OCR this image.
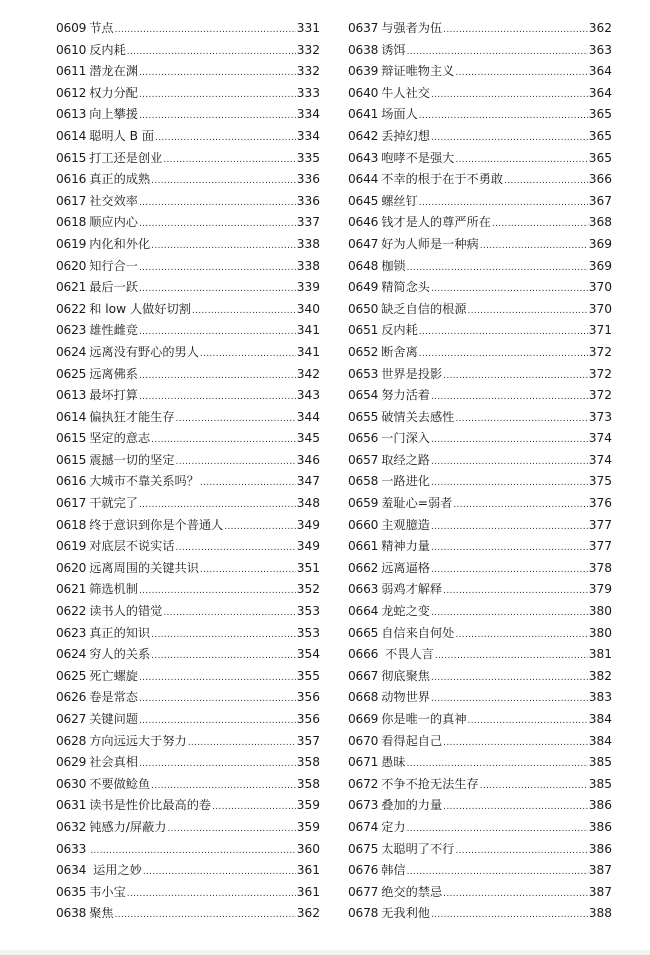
0609 节点 .....	331
0610 反内耗 .....	332
0611 潜龙在渊 .....	332
0612 权力分配 .....	333
0613 向上攀援 .....	334
0614 聪明人 B 面 .....	334
0615 打工还是创业 .....	335
0616 真正的成熟 .....	336
0617 社交效率 .....	336
0618 顺应内心 .....	337
0619 内化和外化 .....	338
0620 知行合一 .....	338
0621 最后一跃 .....	339
0622 和 low 人做好切割 .....	340
0623 雄性雌竞 .....	341
0624 远离没有野心的男人 .....	341
0625 远离佛系 .....	342
0613 最坏打算 .....	343
0614 偏执狂才能生存 .....	344
0615 坚定的意志 .....	345
0615 震撼一切的坚定 .....	346
0616 大城市不靠关系吗？ .....	347
0617 干就完了 .....	348
0618 终于意识到你是个普通人 .....	349
0619 对底层不说实话 .....	349
0620 远离周围的关键共识 .....	351
0621 筛选机制 .....	352
0622 读书人的错觉 .....	353
0623 真正的知识 .....	353
0624 穷人的关系 .....	354
0625 死亡螺旋 .....	355
0626 卷是常态 .....	356
0627 关键问题 .....	356
0628 方向远远大于努力 .....	357
0629 社会真相 .....	358
0630 不要做鲶鱼 .....	358
0631 读书是性价比最高的卷 .....	359
0632 钝感力/屏蔽力 .....	359
0633 .....	360
0634 运用之妙 .....	361
0635 韦小宝 .....	361
0638 聚焦 .....	362
0637 与强者为伍 .....	362
0638 诱饵 .....	363
0639 辩证唯物主义 .....	364
0640 牛人社交 .....	364
0641 场面人 .....	365
0642 丢掉幻想 .....	365
0643 咆哮不是强大 .....	365
0644 不幸的根于在于不勇敢 .....	366
0645 螺丝钉 .....	367
0646 钱才是人的尊严所在 .....	368
0647 好为人师是一种病 .....	369
0648 枷锁 .....	369
0649 精简念头 .....	370
0650 缺乏自信的根源 .....	370
0651 反内耗 .....	371
0652 断舍离 .....	372
0653 世界是投影 .....	372
0654 努力活着 .....	372
0655 破情关去感性 .....	373
0656 一门深入 .....	374
0657 取经之路 .....	374
0658 一路进化 .....	375
0659 羞耻心=弱者 .....	376
0660 主观臆造 .....	377
0661 精神力量 .....	377
0662 远离逼格 .....	378
0663 弱鸡才解释 .....	379
0664 龙蛇之变 .....	380
0665 自信来自何处 .....	380
0666 不畏人言 .....	381
0667 彻底聚焦 .....	382
0668 动物世界 .....	383
0669 你是唯一的真神 .....	384
0670 看得起自己 .....	384
0671 愚昧 .....	385
0672 不争不抢无法生存 .....	385
0673 叠加的力量 .....	386
0674 定力 .....	386
0675 太聪明了不行 .....	386
0676 韩信 .....	387
0677 绝交的禁忌 .....	387
0678 无我利他 .....	388
